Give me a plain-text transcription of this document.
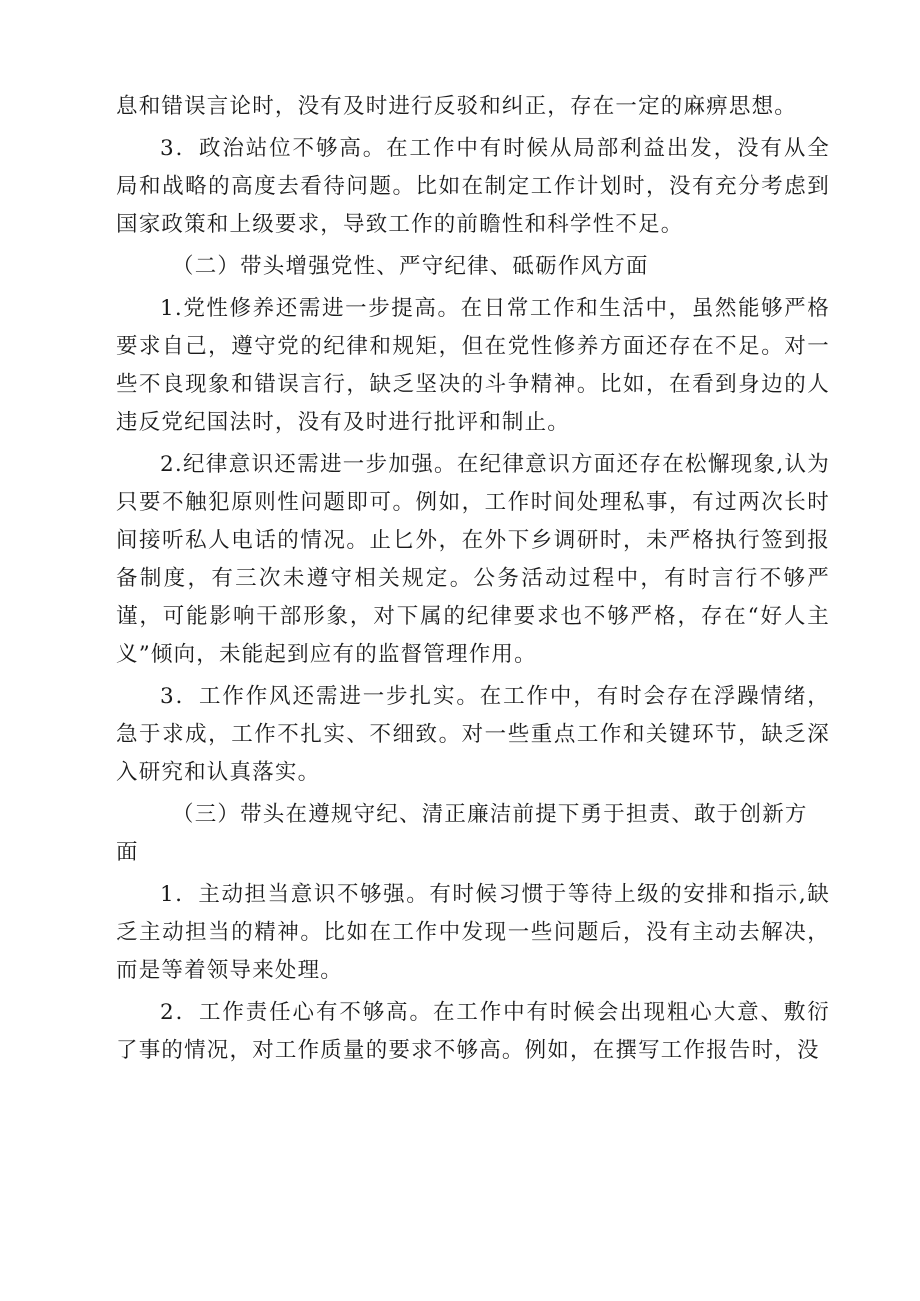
息和错误言论时，没有及时进行反驳和纠正，存在一定的麻痹思想。

3．政治站位不够高。在工作中有时候从局部利益出发，没有从全局和战略的高度去看待问题。比如在制定工作计划时，没有充分考虑到国家政策和上级要求，导致工作的前瞻性和科学性不足。

（二）带头增强党性、严守纪律、砥砺作风方面

1.党性修养还需进一步提高。在日常工作和生活中，虽然能够严格要求自己，遵守党的纪律和规矩，但在党性修养方面还存在不足。对一些不良现象和错误言行，缺乏坚决的斗争精神。比如，在看到身边的人违反党纪国法时，没有及时进行批评和制止。

2.纪律意识还需进一步加强。在纪律意识方面还存在松懈现象,认为只要不触犯原则性问题即可。例如，工作时间处理私事，有过两次长时间接听私人电话的情况。止匕外，在外下乡调研时，未严格执行签到报备制度，有三次未遵守相关规定。公务活动过程中，有时言行不够严谨，可能影响干部形象，对下属的纪律要求也不够严格，存在“好人主义”倾向，未能起到应有的监督管理作用。

3．工作作风还需进一步扎实。在工作中，有时会存在浮躁情绪，急于求成，工作不扎实、不细致。对一些重点工作和关键环节，缺乏深入研究和认真落实。

（三）带头在遵规守纪、清正廉洁前提下勇于担责、敢于创新方面

1．主动担当意识不够强。有时候习惯于等待上级的安排和指示,缺乏主动担当的精神。比如在工作中发现一些问题后，没有主动去解决，而是等着领导来处理。

2．工作责任心有不够高。在工作中有时候会出现粗心大意、敷衍了事的情况，对工作质量的要求不够高。例如，在撰写工作报告时，没
